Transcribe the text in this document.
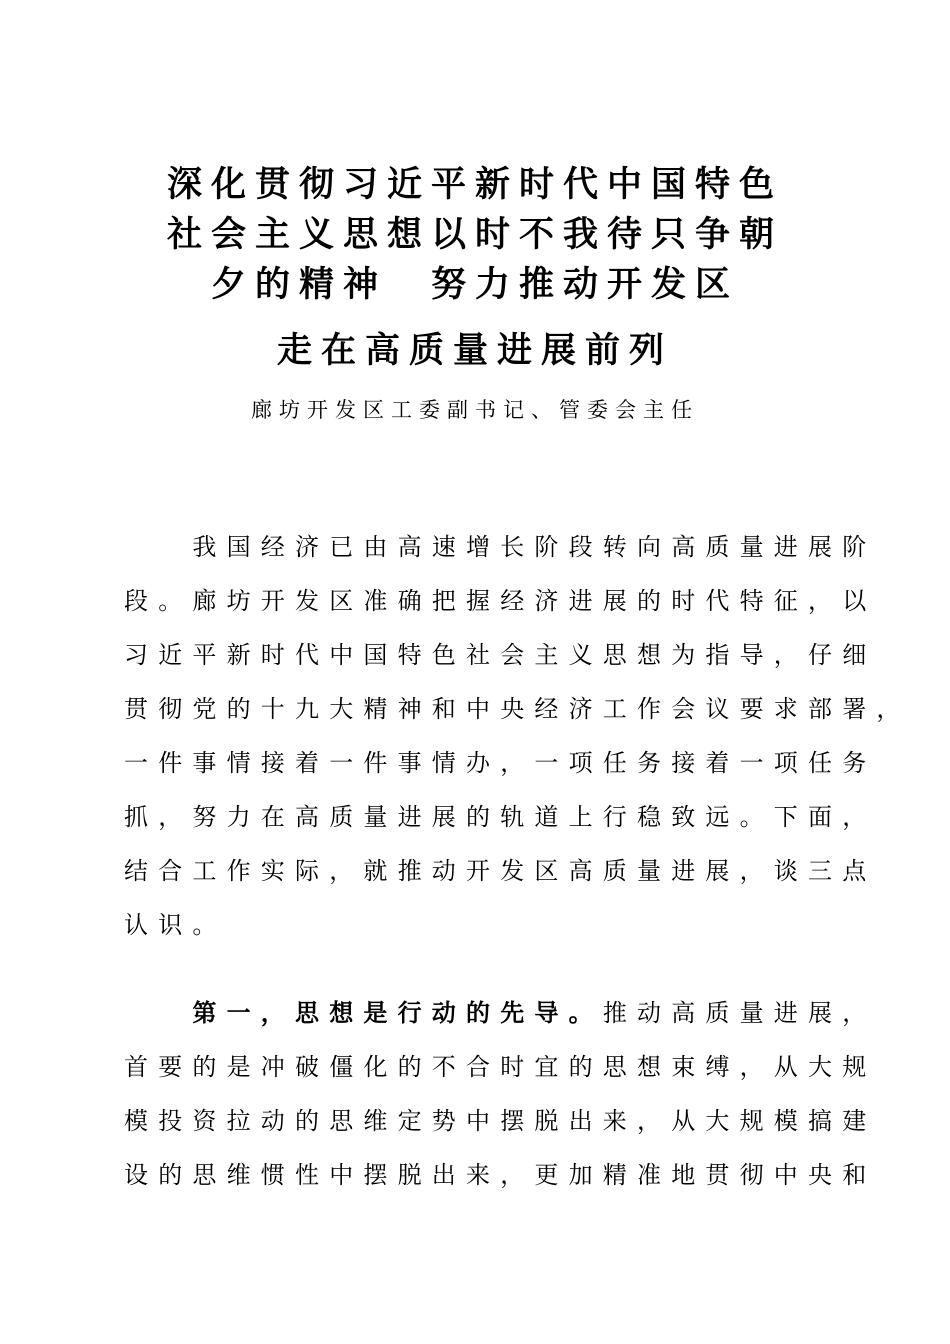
深化贯彻习近平新时代中国特色
社会主义思想以时不我待只争朝
夕的精神　努力推动开发区
走在高质量进展前列
廊坊开发区工委副书记、管委会主任
　　我国经济已由高速增长阶段转向高质量进展阶
段。廊坊开发区准确把握经济进展的时代特征，以
习近平新时代中国特色社会主义思想为指导，仔细
贯彻党的十九大精神和中央经济工作会议要求部署，
一件事情接着一件事情办，一项任务接着一项任务
抓，努力在高质量进展的轨道上行稳致远。下面，
结合工作实际，就推动开发区高质量进展，谈三点
认识。
　　第一，思想是行动的先导。推动高质量进展，
首要的是冲破僵化的不合时宜的思想束缚，从大规
模投资拉动的思维定势中摆脱出来，从大规模搞建
设的思维惯性中摆脱出来，更加精准地贯彻中央和
